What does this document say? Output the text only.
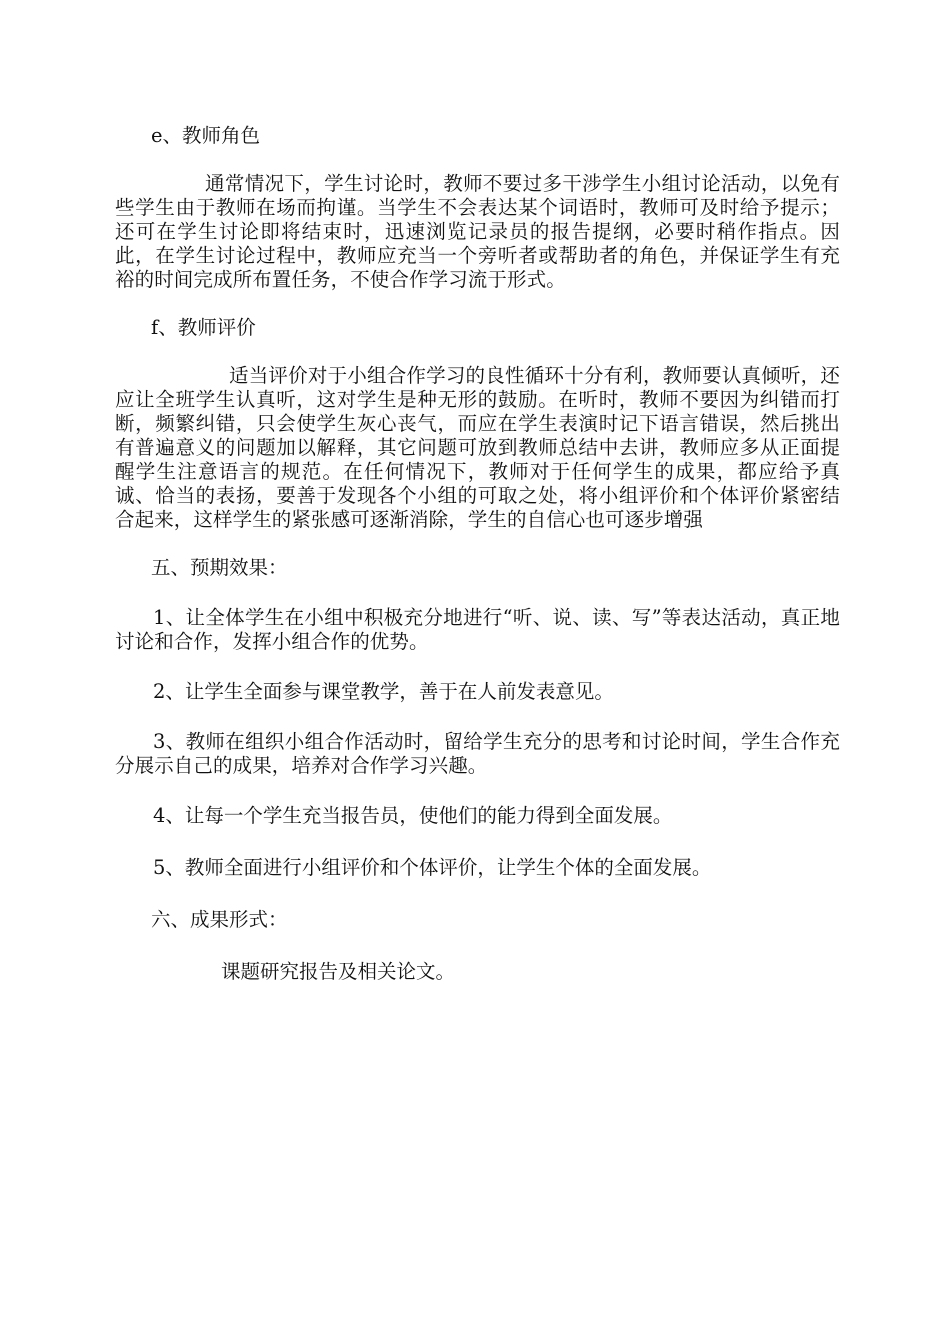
e、教师角色

通常情况下，学生讨论时，教师不要过多干涉学生小组讨论活动，以免有些学生由于教师在场而拘谨。当学生不会表达某个词语时，教师可及时给予提示；还可在学生讨论即将结束时，迅速浏览记录员的报告提纲，必要时稍作指点。因此，在学生讨论过程中，教师应充当一个旁听者或帮助者的角色，并保证学生有充裕的时间完成所布置任务，不使合作学习流于形式。

f、教师评价

适当评价对于小组合作学习的良性循环十分有利，教师要认真倾听，还应让全班学生认真听，这对学生是种无形的鼓励。在听时，教师不要因为纠错而打断，频繁纠错，只会使学生灰心丧气，而应在学生表演时记下语言错误，然后挑出有普遍意义的问题加以解释，其它问题可放到教师总结中去讲，教师应多从正面提醒学生注意语言的规范。在任何情况下，教师对于任何学生的成果，都应给予真诚、恰当的表扬，要善于发现各个小组的可取之处，将小组评价和个体评价紧密结合起来，这样学生的紧张感可逐渐消除，学生的自信心也可逐步增强

五、预期效果：

1、让全体学生在小组中积极充分地进行“听、说、读、写”等表达活动，真正地讨论和合作，发挥小组合作的优势。

2、让学生全面参与课堂教学，善于在人前发表意见。

3、教师在组织小组合作活动时，留给学生充分的思考和讨论时间，学生合作充分展示自己的成果，培养对合作学习兴趣。

4、让每一个学生充当报告员，使他们的能力得到全面发展。

5、教师全面进行小组评价和个体评价，让学生个体的全面发展。

六、成果形式：

课题研究报告及相关论文。
